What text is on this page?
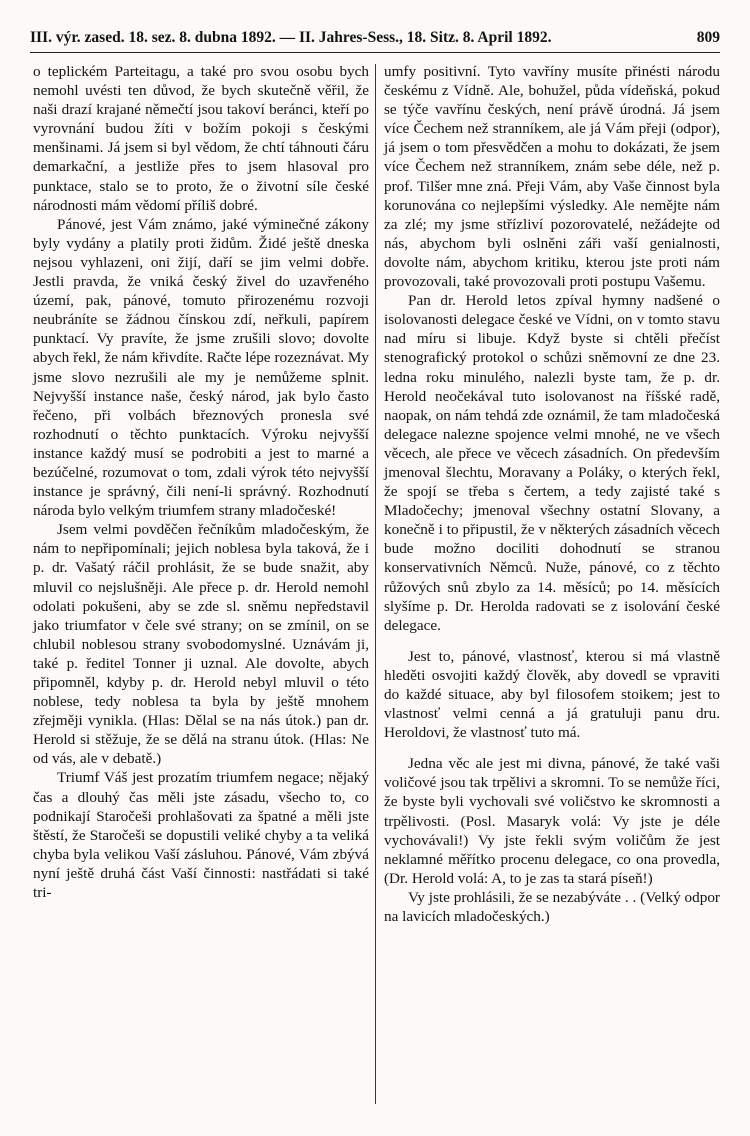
III. výr. zased. 18. sez. 8. dubna 1892. — II. Jahres-Sess., 18. Sitz. 8. April 1892.	809

o teplickém Parteitagu, a také pro svou osobu bych nemohl uvésti ten důvod, že bych skutečně věřil, že naši drazí krajané němečtí jsou takoví beránci, kteří po vyrovnání budou žíti v božím pokoji s českými menšinami. Já jsem si byl vědom, že chtí táhnouti čáru demarkační, a jestliže přes to jsem hlasoval pro punktace, stalo se to proto, že o životní síle české národnosti mám vědomí příliš dobré.

Pánové, jest Vám známo, jaké výminečné zákony byly vydány a platily proti židům. Židé ještě dneska nejsou vyhlazeni, oni žijí, daří se jim velmi dobře. Jestli pravda, že vniká český živel do uzavřeného území, pak, pánové, tomuto přirozenému rozvoji neubráníte se žádnou čínskou zdí, neřkuli, papírem punktací. Vy pravíte, že jsme zrušili slovo; dovolte abych řekl, že nám křivdíte. Račte lépe rozeznávat. My jsme slovo nezrušili ale my je nemůžeme splnit. Nejvyšší instance naše, český národ, jak bylo často řečeno, při volbách březnových pronesla své rozhodnutí o těchto punktacích. Výroku nejvyšší instance každý musí se podrobiti a jest to marné a bezúčelné, rozumovat o tom, zdali výrok této nejvyšší instance je správný, čili není-li správný. Rozhodnutí národa bylo velkým triumfem strany mladočeské!

Jsem velmi povděčen řečníkům mladočeským, že nám to nepřipomínali; jejich noblesa byla taková, že i p. dr. Vašatý ráčil prohlásit, že se bude snažit, aby mluvil co nejslušněji. Ale přece p. dr. Herold nemohl odolati pokušeni, aby se zde sl. sněmu nepředstavil jako triumfator v čele své strany; on se zmínil, on se chlubil noblesou strany svobodomyslné. Uznávám ji, také p. ředitel Tonner ji uznal. Ale dovolte, abych připomněl, kdyby p. dr. Herold nebyl mluvil o této noblese, tedy noblesa ta byla by ještě mnohem zřejměji vynikla. (Hlas: Dělal se na nás útok.) pan dr. Herold si stěžuje, že se dělá na stranu útok. (Hlas: Ne od vás, ale v debatě.)

Triumf Váš jest prozatím triumfem negace; nějaký čas a dlouhý čas měli jste zásadu, všecho to, co podnikají Staročeši prohlašovati za špatné a měli jste štěstí, že Staročeši se dopustili veliké chyby a ta veliká chyba byla velikou Vaší zásluhou. Pánové, Vám zbývá nyní ještě druhá část Vaší činnosti: nastřádati si také tri-

umfy positivní. Tyto vavříny musíte přinésti národu českému z Vídně. Ale, bohužel, půda vídeňská, pokud se týče vavřínu českých, není právě úrodná. Já jsem více Čechem než stranníkem, ale já Vám přeji (odpor), já jsem o tom přesvědčen a mohu to dokázati, že jsem více Čechem než stranníkem, znám sebe déle, než p. prof. Tilšer mne zná. Přeji Vám, aby Vaše činnost byla korunována co nejlepšími výsledky. Ale nemějte nám za zlé; my jsme střízliví pozorovatelé, nežádejte od nás, abychom byli oslněni záři vaší genialnosti, dovolte nám, abychom kritiku, kterou jste proti nám provozovali, také provozovali proti postupu Vašemu.

Pan dr. Herold letos zpíval hymny nadšené o isolovanosti delegace české ve Vídni, on v tomto stavu nad míru si libuje. Když byste si chtěli přečíst stenografický protokol o schůzi sněmovní ze dne 23. ledna roku minulého, nalezli byste tam, že p. dr. Herold neočekával tuto isolovanost na říšské radě, naopak, on nám tehdá zde oznámil, že tam mladočeská delegace nalezne spojence velmi mnohé, ne ve všech věcech, ale přece ve věcech zásadních. On především jmenoval šlechtu, Moravany a Poláky, o kterých řekl, že spojí se třeba s čertem, a tedy zajisté také s Mladočechy; jmenoval všechny ostatní Slovany, a konečně i to připustil, že v některých zásadních věcech bude možno dociliti dohodnutí se stranou konservativních Němců. Nuže, pánové, co z těchto růžových snů zbylo za 14. měsíců; po 14. měsících slyšíme p. Dr. Herolda radovati se z isolování české delegace.

Jest to, pánové, vlastnosť, kterou si má vlastně hleděti osvojiti každý člověk, aby dovedl se vpraviti do každé situace, aby byl filosofem stoikem; jest to vlastnosť velmi cenná a já gratuluji panu dru. Heroldovi, že vlastnosť tuto má.

Jedna věc ale jest mi divna, pánové, že také vaši voličové jsou tak trpělivi a skromni. To se nemůže říci, že byste byli vychovali své voličstvo ke skromnosti a trpělivosti. (Posl. Masaryk volá: Vy jste je déle vychovávali!) Vy jste řekli svým voličům že jest neklamné měřítko procenu delegace, co ona provedla, (Dr. Herold volá: A, to je zas ta stará píseň!)

Vy jste prohlásili, že se nezabýváte . . (Velký odpor na lavicích mladočeských.)
